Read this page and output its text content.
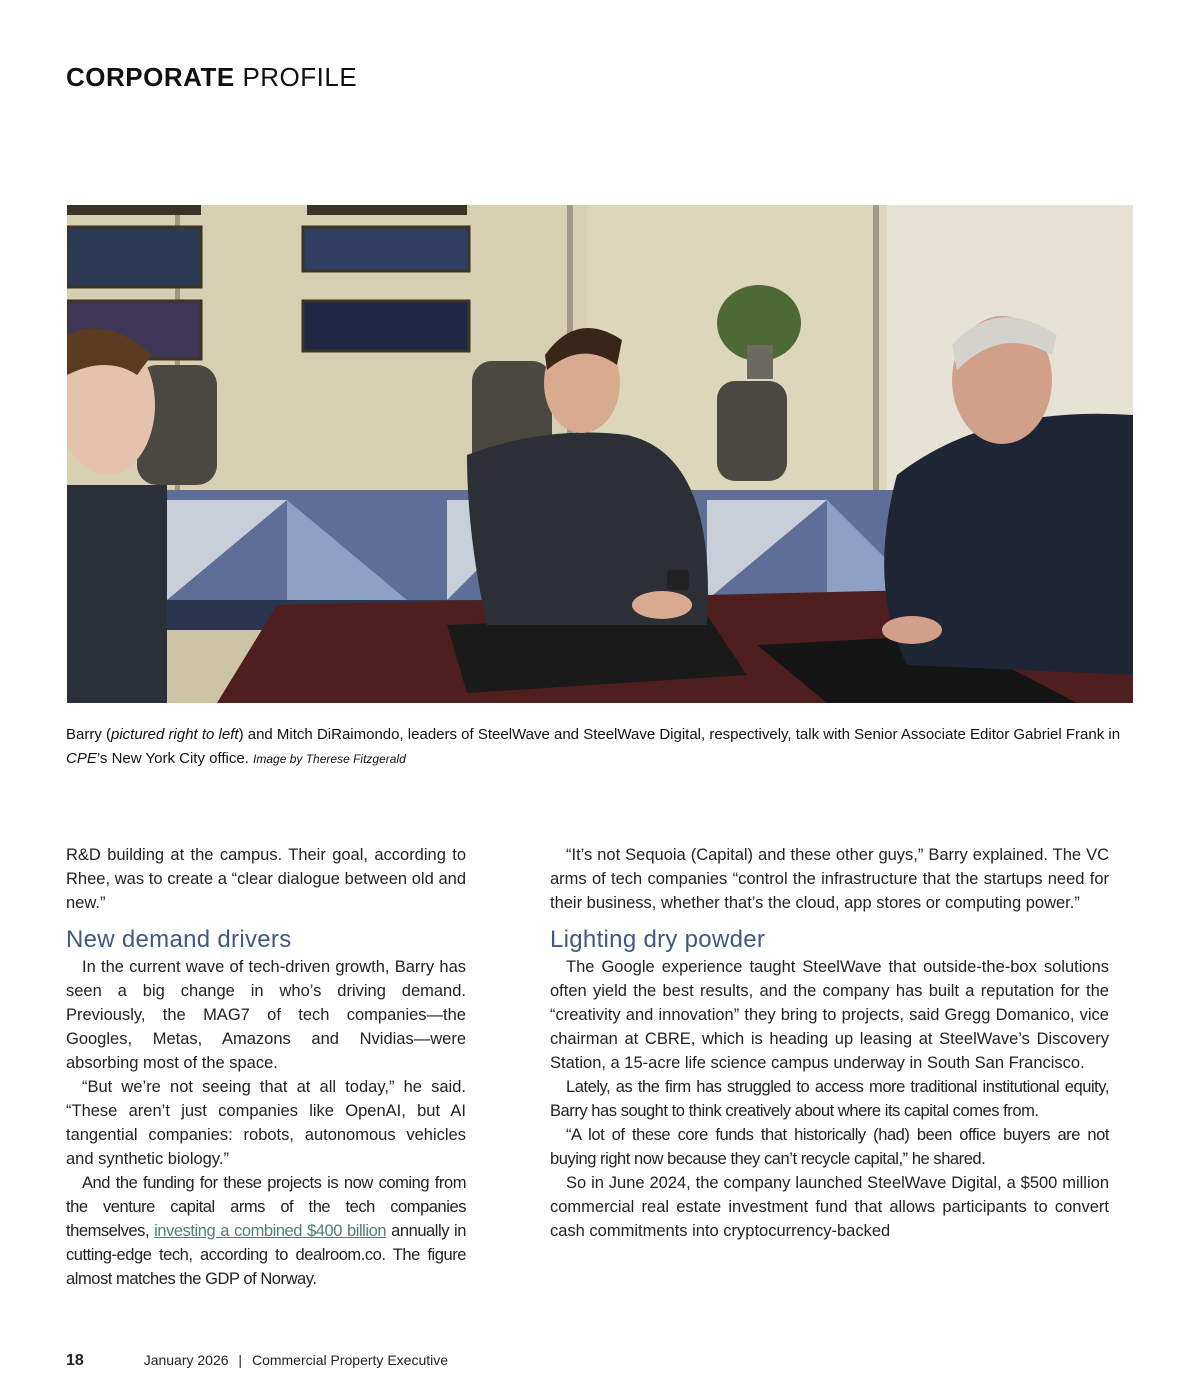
CORPORATE PROFILE
Barry (pictured right to left) and Mitch DiRaimondo, leaders of SteelWave and SteelWave Digital, respectively, talk with Senior Associate Editor Gabriel Frank in CPE’s New York City office. Image by Therese Fitzgerald

R&D building at the campus. Their goal, according to Rhee, was to create a “clear dialogue between old and new.”

New demand drivers

In the current wave of tech-driven growth, Barry has seen a big change in who’s driving demand. Previously, the MAG7 of tech companies—the Googles, Metas, Amazons and Nvidias—were absorbing most of the space.

“But we’re not seeing that at all today,” he said. “These aren’t just companies like OpenAI, but AI tangential companies: robots, autonomous vehicles and synthetic biology.”

And the funding for these projects is now coming from the venture capital arms of the tech companies themselves, investing a combined $400 billion annually in cutting-edge tech, according to dealroom.co. The figure almost matches the GDP of Norway.

“It’s not Sequoia (Capital) and these other guys,” Barry explained. The VC arms of tech companies “control the infrastructure that the startups need for their business, whether that’s the cloud, app stores or computing power.”

Lighting dry powder

The Google experience taught SteelWave that outside-the-box solutions often yield the best results, and the company has built a reputation for the “creativity and innovation” they bring to projects, said Gregg Domanico, vice chairman at CBRE, which is heading up leasing at SteelWave’s Discovery Station, a 15-acre life science campus underway in South San Francisco.

Lately, as the firm has struggled to access more traditional institutional equity, Barry has sought to think creatively about where its capital comes from.

“A lot of these core funds that historically (had) been office buyers are not buying right now because they can’t recycle capital,” he shared.

So in June 2024, the company launched SteelWave Digital, a $500 million commercial real estate investment fund that allows participants to convert cash commitments into cryptocurrency-backed

18	January 2026 | Commercial Property Executive
